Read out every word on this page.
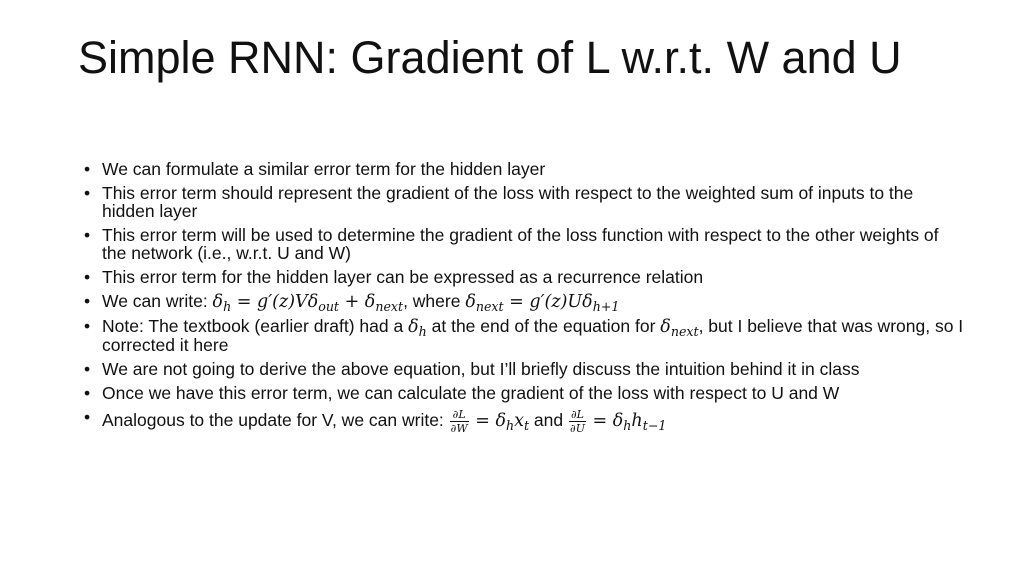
Simple RNN: Gradient of L w.r.t. W and U
• We can formulate a similar error term for the hidden layer
• This error term should represent the gradient of the loss with respect to the weighted sum of inputs to the hidden layer
• This error term will be used to determine the gradient of the loss function with respect to the other weights of the network (i.e., w.r.t. U and W)
• This error term for the hidden layer can be expressed as a recurrence relation
• We can write: $\delta_h = g'(z)V\delta_{out} + \delta_{next}$, where $\delta_{next} = g'(z)U\delta_{h+1}$
• Note: The textbook (earlier draft) had a $\delta_h$ at the end of the equation for $\delta_{next}$, but I believe that was wrong, so I corrected it here
• We are not going to derive the above equation, but I’ll briefly discuss the intuition behind it in class
• Once we have this error term, we can calculate the gradient of the loss with respect to U and W
• Analogous to the update for V, we can write: $\frac{\partial L}{\partial W} = \delta_hx_t$ and $\frac{\partial L}{\partial U} = \delta_hh_{t-1}$
